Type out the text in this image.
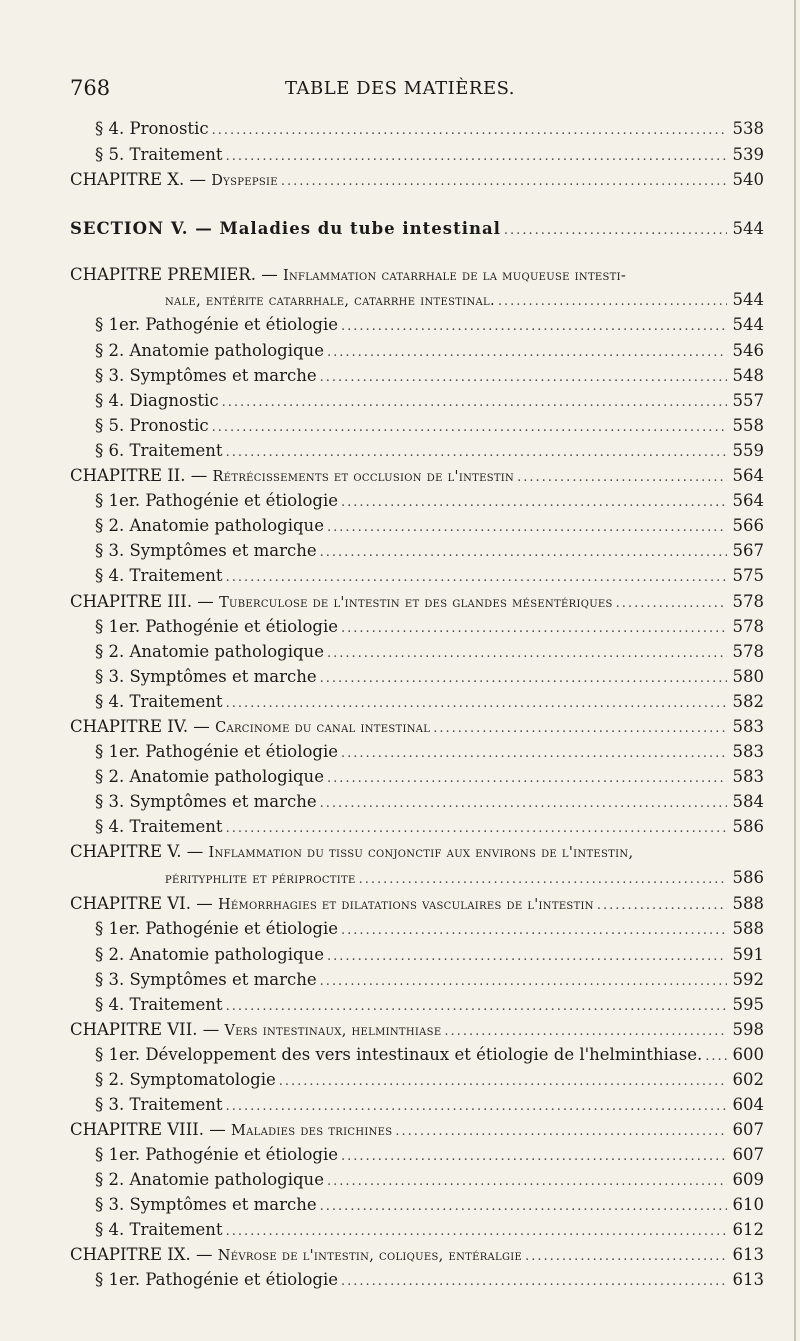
768	TABLE DES MATIÈRES.
§ 4. Pronostic .....	538
§ 5. Traitement .....	539
CHAPITRE X. — Dyspepsie .....	540
SECTION V. — Maladies du tube intestinal .....	544
CHAPITRE PREMIER. — Inflammation catarrhale de la muqueuse intesti-
nale, entérite catarrhale, catarrhe intestinal. .....	544
§ 1er. Pathogénie et étiologie .....	544
§ 2. Anatomie pathologique .....	546
§ 3. Symptômes et marche .....	548
§ 4. Diagnostic .....	557
§ 5. Pronostic .....	558
§ 6. Traitement .....	559
CHAPITRE II. — Rétrécissements et occlusion de l'intestin .....	564
§ 1er. Pathogénie et étiologie .....	564
§ 2. Anatomie pathologique .....	566
§ 3. Symptômes et marche .....	567
§ 4. Traitement .....	575
CHAPITRE III. — Tuberculose de l'intestin et des glandes mésentériques .....	578
§ 1er. Pathogénie et étiologie .....	578
§ 2. Anatomie pathologique .....	578
§ 3. Symptômes et marche .....	580
§ 4. Traitement .....	582
CHAPITRE IV. — Carcinome du canal intestinal .....	583
§ 1er. Pathogénie et étiologie .....	583
§ 2. Anatomie pathologique .....	583
§ 3. Symptômes et marche .....	584
§ 4. Traitement .....	586
CHAPITRE V. — Inflammation du tissu conjonctif aux environs de l'intestin,
pérityphlite et périproctite .....	586
CHAPITRE VI. — Hémorrhagies et dilatations vasculaires de l'intestin .....	588
§ 1er. Pathogénie et étiologie .....	588
§ 2. Anatomie pathologique .....	591
§ 3. Symptômes et marche .....	592
§ 4. Traitement .....	595
CHAPITRE VII. — Vers intestinaux, helminthiase .....	598
§ 1er. Développement des vers intestinaux et étiologie de l'helminthiase. ..... 600
§ 2. Symptomatologie .....	602
§ 3. Traitement .....	604
CHAPITRE VIII. — Maladies des trichines .....	607
§ 1er. Pathogénie et étiologie .....	607
§ 2. Anatomie pathologique .....	609
§ 3. Symptômes et marche .....	610
§ 4. Traitement .....	612
CHAPITRE IX. — Névrose de l'intestin, coliques, entéralgie .....	613
§ 1er. Pathogénie et étiologie .....	613
